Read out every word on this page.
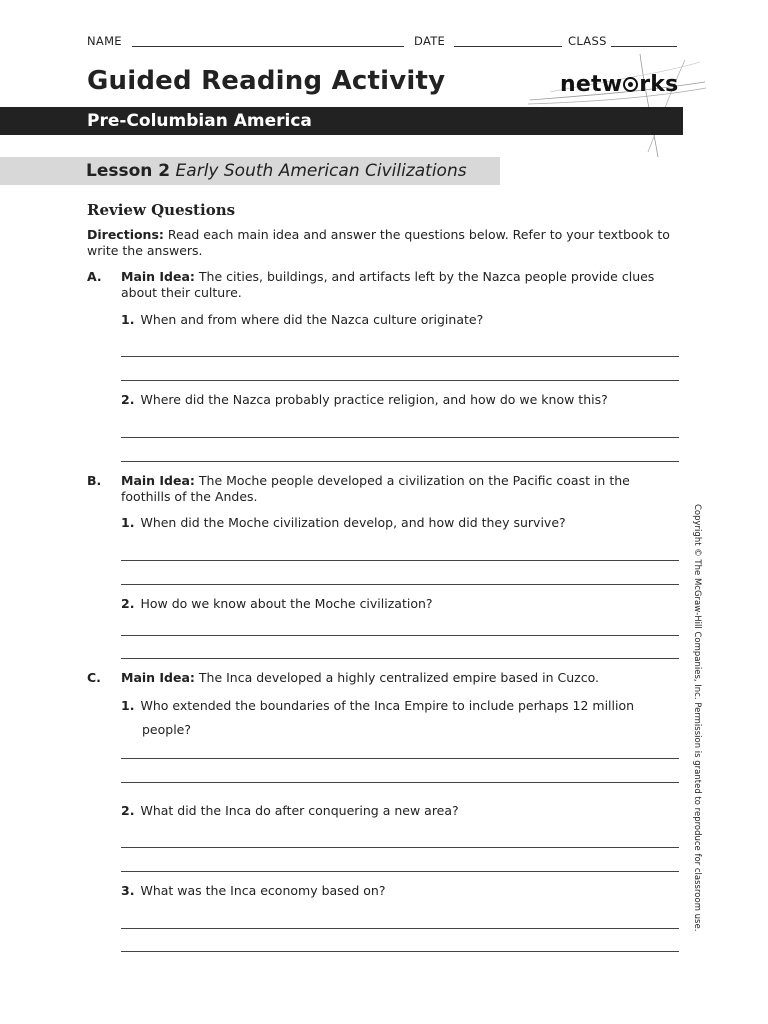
NAME	DATE	CLASS
Guided Reading Activity	netw rks
Pre-Columbian America
Lesson 2 Early South American Civilizations
Review Questions
Directions: Read each main idea and answer the questions below. Refer to your textbook to write the answers.
A. Main Idea: The cities, buildings, and artifacts left by the Nazca people provide clues about their culture.
1. When and from where did the Nazca culture originate?
2. Where did the Nazca probably practice religion, and how do we know this?
B. Main Idea: The Moche people developed a civilization on the Pacific coast in the foothills of the Andes.
1. When did the Moche civilization develop, and how did they survive?
2. How do we know about the Moche civilization?
C. Main Idea: The Inca developed a highly centralized empire based in Cuzco.
1. Who extended the boundaries of the Inca Empire to include perhaps 12 million people?
2. What did the Inca do after conquering a new area?
3. What was the Inca economy based on?	Copyright © The McGraw-Hill Companies, Inc. Permission is granted to reproduce for classroom use.
